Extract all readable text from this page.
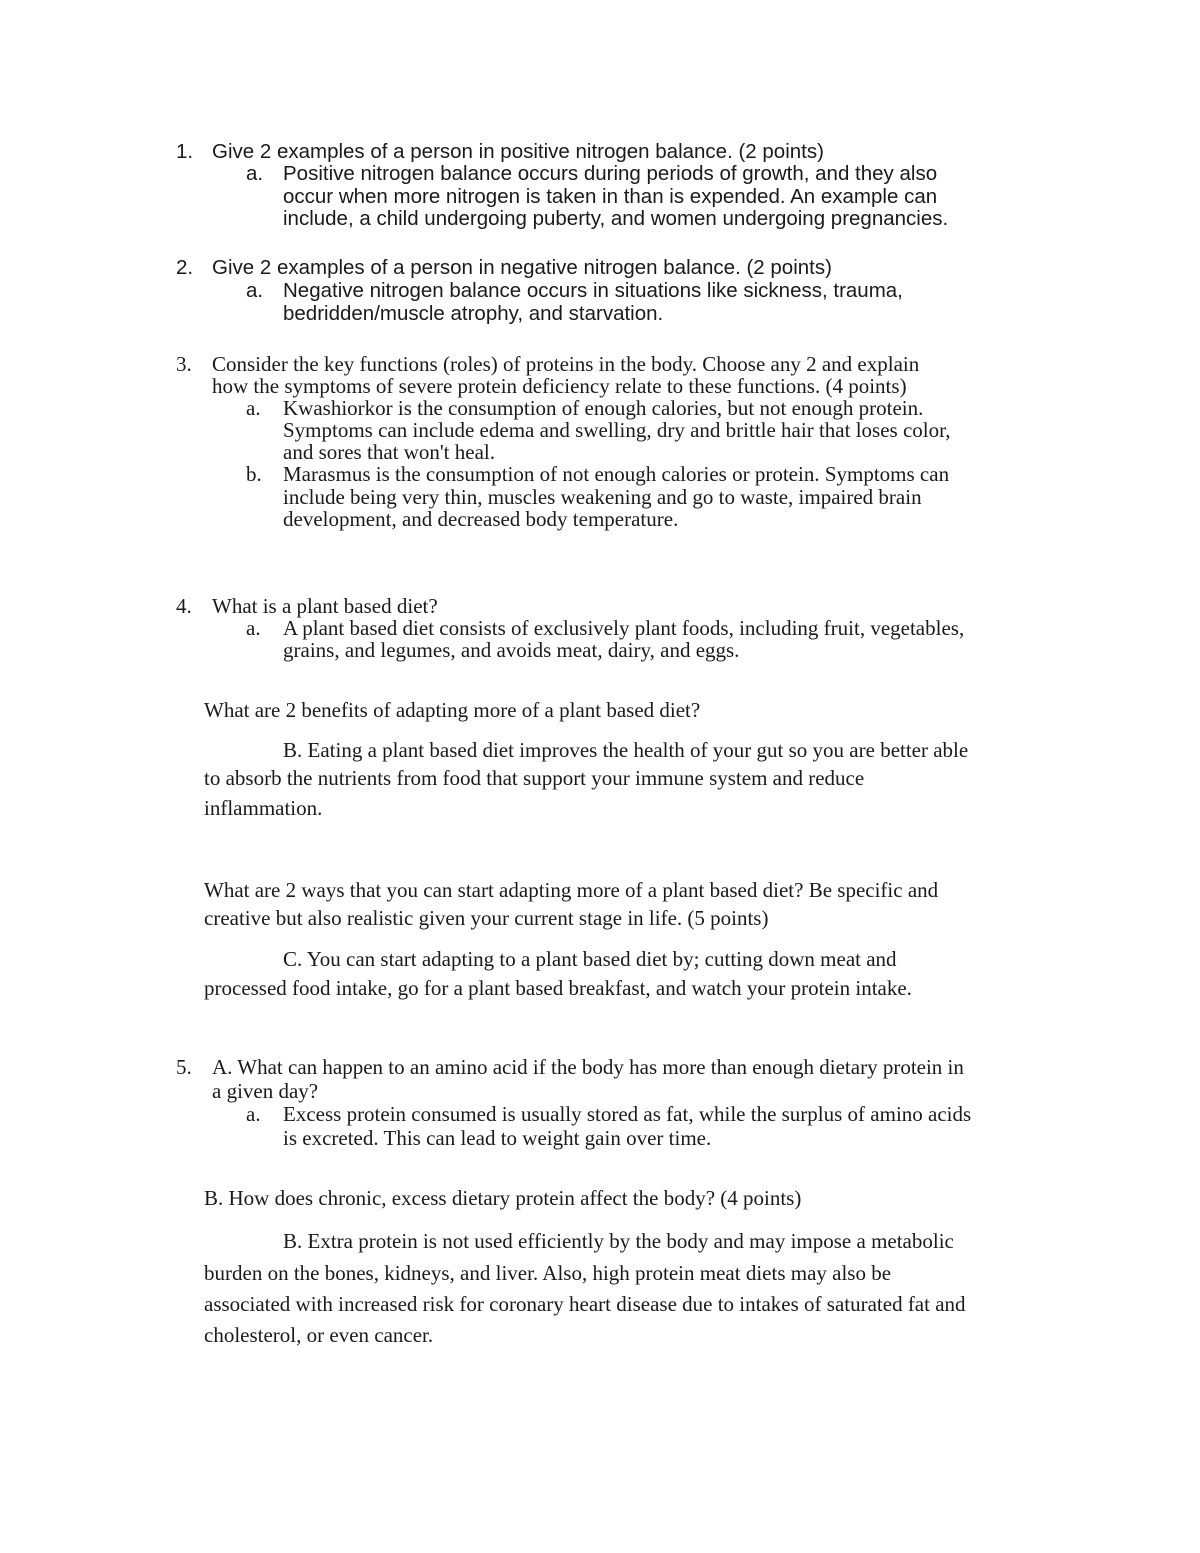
1. Give 2 examples of a person in positive nitrogen balance. (2 points)
a. Positive nitrogen balance occurs during periods of growth, and they also
occur when more nitrogen is taken in than is expended. An example can
include, a child undergoing puberty, and women undergoing pregnancies.
2. Give 2 examples of a person in negative nitrogen balance. (2 points)
a. Negative nitrogen balance occurs in situations like sickness, trauma,
bedridden/muscle atrophy, and starvation.
3. Consider the key functions (roles) of proteins in the body. Choose any 2 and explain
how the symptoms of severe protein deficiency relate to these functions. (4 points)
a. Kwashiorkor is the consumption of enough calories, but not enough protein.
Symptoms can include edema and swelling, dry and brittle hair that loses color,
and sores that won't heal.
b. Marasmus is the consumption of not enough calories or protein. Symptoms can
include being very thin, muscles weakening and go to waste, impaired brain
development, and decreased body temperature.
4. What is a plant based diet?
a. A plant based diet consists of exclusively plant foods, including fruit, vegetables,
grains, and legumes, and avoids meat, dairy, and eggs.
What are 2 benefits of adapting more of a plant based diet?
B. Eating a plant based diet improves the health of your gut so you are better able
to absorb the nutrients from food that support your immune system and reduce
inflammation.
What are 2 ways that you can start adapting more of a plant based diet? Be specific and
creative but also realistic given your current stage in life. (5 points)
C. You can start adapting to a plant based diet by; cutting down meat and
processed food intake, go for a plant based breakfast, and watch your protein intake.
5. A. What can happen to an amino acid if the body has more than enough dietary protein in
a given day?
a. Excess protein consumed is usually stored as fat, while the surplus of amino acids
is excreted. This can lead to weight gain over time.
B. How does chronic, excess dietary protein affect the body? (4 points)
B. Extra protein is not used efficiently by the body and may impose a metabolic
burden on the bones, kidneys, and liver. Also, high protein meat diets may also be
associated with increased risk for coronary heart disease due to intakes of saturated fat and
cholesterol, or even cancer.
